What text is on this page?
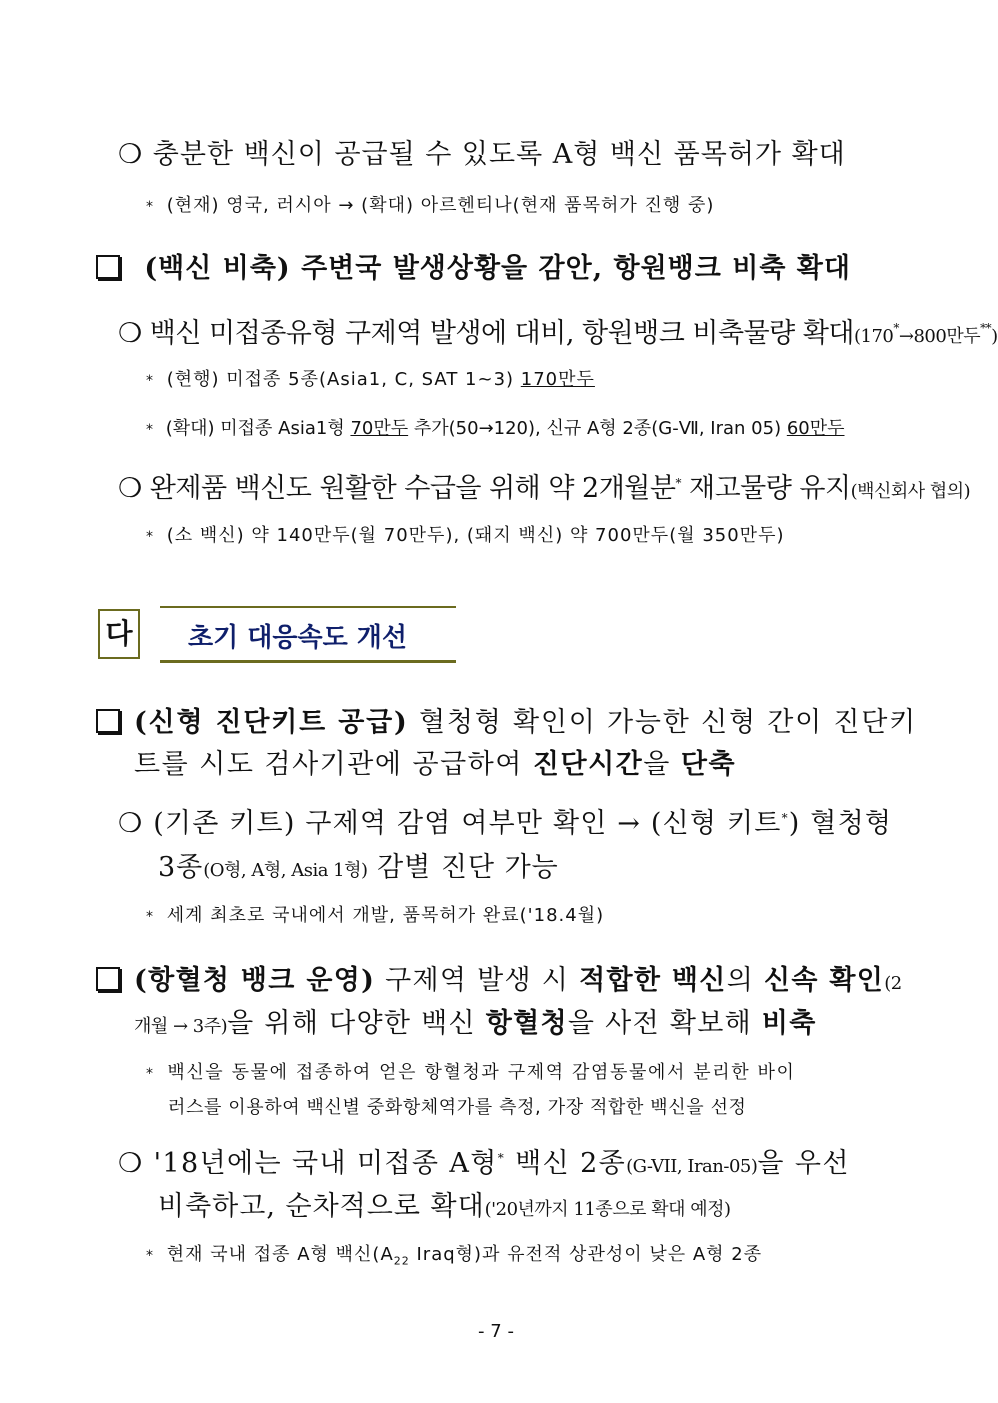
❍ 충분한 백신이 공급될 수 있도록 A형 백신 품목허가 확대
* (현재) 영국, 러시아 → (확대) 아르헨티나(현재 품목허가 진행 중)
(백신 비축) 주변국 발생상황을 감안, 항원뱅크 비축 확대
❍ 백신 미접종유형 구제역 발생에 대비, 항원뱅크 비축물량 확대(170*→800만두**)
* (현행) 미접종 5종(Asia1, C, SAT 1~3) 170만두
* (확대) 미접종 Asia1형 70만두 추가(50→120), 신규 A형 2종(G-Ⅶ, Iran 05) 60만두
❍ 완제품 백신도 원활한 수급을 위해 약 2개월분* 재고물량 유지(백신회사 협의)
* (소 백신) 약 140만두(월 70만두), (돼지 백신) 약 700만두(월 350만두)
다 초기 대응속도 개선
(신형 진단키트 공급) 혈청형 확인이 가능한 신형 간이 진단키
트를 시도 검사기관에 공급하여 진단시간을 단축
❍ (기존 키트) 구제역 감염 여부만 확인 → (신형 키트*) 혈청형
3종(O형, A형, Asia 1형) 감별 진단 가능
* 세계 최초로 국내에서 개발, 품목허가 완료('18.4월)
(항혈청 뱅크 운영) 구제역 발생 시 적합한 백신의 신속 확인(2
개월 → 3주)을 위해 다양한 백신 항혈청을 사전 확보해 비축
* 백신을 동물에 접종하여 얻은 항혈청과 구제역 감염동물에서 분리한 바이
러스를 이용하여 백신별 중화항체역가를 측정, 가장 적합한 백신을 선정
❍ '18년에는 국내 미접종 A형* 백신 2종(G-VII, Iran-05)을 우선
비축하고, 순차적으로 확대('20년까지 11종으로 확대 예정)
* 현재 국내 접종 A형 백신($A_{22}$ Iraq형)과 유전적 상관성이 낮은 A형 2종
- 7 -
